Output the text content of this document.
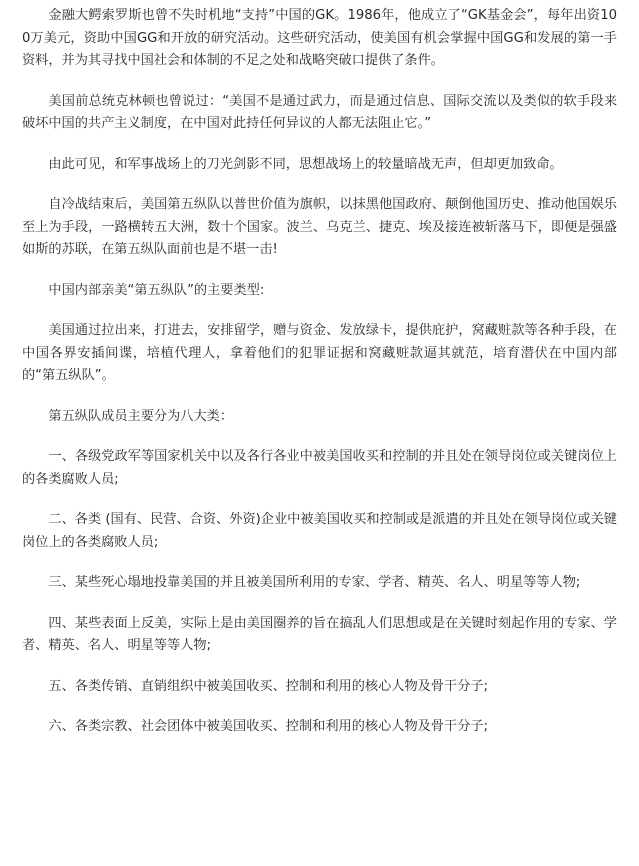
金融大鳄索罗斯也曾不失时机地“支持”中国的GK。1986年，他成立了“GK基金会”，每年出资100万美元，资助中国GG和开放的研究活动。这些研究活动，使美国有机会掌握中国GG和发展的第一手资料，并为其寻找中国社会和体制的不足之处和战略突破口提供了条件。

美国前总统克林顿也曾说过：“美国不是通过武力，而是通过信息、国际交流以及类似的软手段来破坏中国的共产主义制度，在中国对此持任何异议的人都无法阻止它。”

由此可见，和军事战场上的刀光剑影不同，思想战场上的较量暗战无声，但却更加致命。

自冷战结束后，美国第五纵队以普世价值为旗帜，以抹黑他国政府、颠倒他国历史、推动他国娱乐至上为手段，一路横转五大洲，数十个国家。波兰、乌克兰、捷克、埃及接连被斩落马下，即便是强盛如斯的苏联，在第五纵队面前也是不堪一击!

中国内部亲美“第五纵队”的主要类型:

美国通过拉出来，打进去，安排留学，赠与资金、发放绿卡，提供庇护，窝藏赃款等各种手段，在中国各界安插间谍，培植代理人，拿着他们的犯罪证据和窝藏赃款逼其就范，培育潜伏在中国内部的“第五纵队”。

第五纵队成员主要分为八大类：

一、各级党政军等国家机关中以及各行各业中被美国收买和控制的并且处在领导岗位或关键岗位上的各类腐败人员;

二、各类 (国有、民营、合资、外资)企业中被美国收买和控制或是派遣的并且处在领导岗位或关键岗位上的各类腐败人员;

三、某些死心塌地投靠美国的并且被美国所利用的专家、学者、精英、名人、明星等等人物;

四、某些表面上反美，实际上是由美国圈养的旨在搞乱人们思想或是在关键时刻起作用的专家、学者、精英、名人、明星等等人物;

五、各类传销、直销组织中被美国收买、控制和利用的核心人物及骨干分子;

六、各类宗教、社会团体中被美国收买、控制和利用的核心人物及骨干分子;
